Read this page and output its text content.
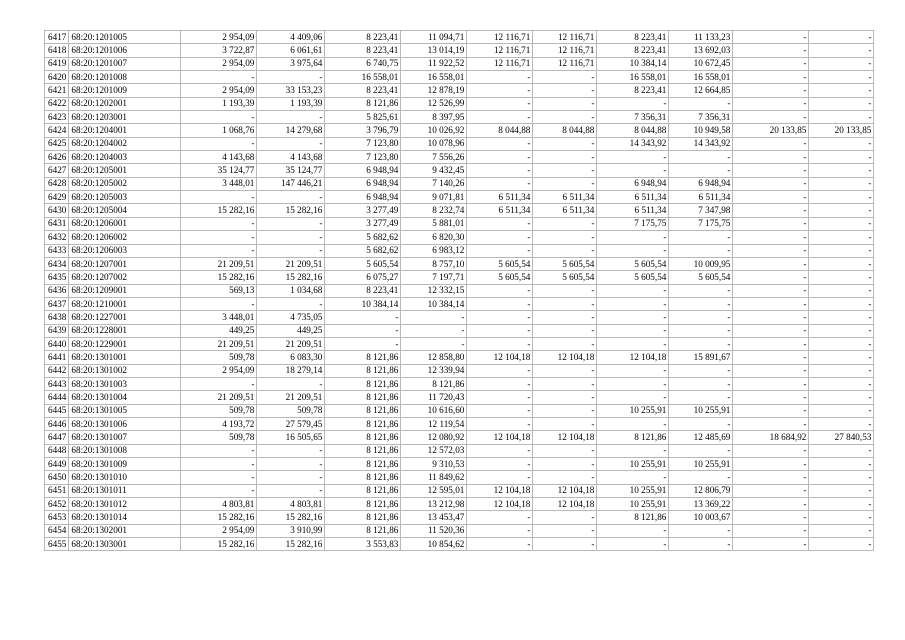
6417	68:20:1201005	2 954,09	4 409,06	8 223,41	11 094,71	12 116,71	12 116,71	8 223,41	11 133,23	-	-
6418	68:20:1201006	3 722,87	6 061,61	8 223,41	13 014,19	12 116,71	12 116,71	8 223,41	13 692,03	-	-
6419	68:20:1201007	2 954,09	3 975,64	6 740,75	11 922,52	12 116,71	12 116,71	10 384,14	10 672,45	-	-
6420	68:20:1201008	-	-	16 558,01	16 558,01	-	-	16 558,01	16 558,01	-	-
6421	68:20:1201009	2 954,09	33 153,23	8 223,41	12 878,19	-	-	8 223,41	12 664,85	-	-
6422	68:20:1202001	1 193,39	1 193,39	8 121,86	12 526,99	-	-	-	-	-	-
6423	68:20:1203001	-	-	5 825,61	8 397,95	-	-	7 356,31	7 356,31	-	-
6424	68:20:1204001	1 068,76	14 279,68	3 796,79	10 026,92	8 044,88	8 044,88	8 044,88	10 949,58	20 133,85	20 133,85
6425	68:20:1204002	-	-	7 123,80	10 078,96	-	-	14 343,92	14 343,92	-	-
6426	68:20:1204003	4 143,68	4 143,68	7 123,80	7 556,26	-	-	-	-	-	-
6427	68:20:1205001	35 124,77	35 124,77	6 948,94	9 432,45	-	-	-	-	-	-
6428	68:20:1205002	3 448,01	147 446,21	6 948,94	7 140,26	-	-	6 948,94	6 948,94	-	-
6429	68:20:1205003	-	-	6 948,94	9 071,81	6 511,34	6 511,34	6 511,34	6 511,34	-	-
6430	68:20:1205004	15 282,16	15 282,16	3 277,49	8 232,74	6 511,34	6 511,34	6 511,34	7 347,98	-	-
6431	68:20:1206001	-	-	3 277,49	5 881,01	-	-	7 175,75	7 175,75	-	-
6432	68:20:1206002	-	-	5 682,62	6 820,30	-	-	-	-	-	-
6433	68:20:1206003	-	-	5 682,62	6 983,12	-	-	-	-	-	-
6434	68:20:1207001	21 209,51	21 209,51	5 605,54	8 757,10	5 605,54	5 605,54	5 605,54	10 009,95	-	-
6435	68:20:1207002	15 282,16	15 282,16	6 075,27	7 197,71	5 605,54	5 605,54	5 605,54	5 605,54	-	-
6436	68:20:1209001	569,13	1 034,68	8 223,41	12 332,15	-	-	-	-	-	-
6437	68:20:1210001	-	-	10 384,14	10 384,14	-	-	-	-	-	-
6438	68:20:1227001	3 448,01	4 735,05	-	-	-	-	-	-	-	-
6439	68:20:1228001	449,25	449,25	-	-	-	-	-	-	-	-
6440	68:20:1229001	21 209,51	21 209,51	-	-	-	-	-	-	-	-
6441	68:20:1301001	509,78	6 083,30	8 121,86	12 858,80	12 104,18	12 104,18	12 104,18	15 891,67	-	-
6442	68:20:1301002	2 954,09	18 279,14	8 121,86	12 339,94	-	-	-	-	-	-
6443	68:20:1301003	-	-	8 121,86	8 121,86	-	-	-	-	-	-
6444	68:20:1301004	21 209,51	21 209,51	8 121,86	11 720,43	-	-	-	-	-	-
6445	68:20:1301005	509,78	509,78	8 121,86	10 616,60	-	-	10 255,91	10 255,91	-	-
6446	68:20:1301006	4 193,72	27 579,45	8 121,86	12 119,54	-	-	-	-	-	-
6447	68:20:1301007	509,78	16 505,65	8 121,86	12 080,92	12 104,18	12 104,18	8 121,86	12 485,69	18 684,92	27 840,53
6448	68:20:1301008	-	-	8 121,86	12 572,03	-	-	-	-	-	-
6449	68:20:1301009	-	-	8 121,86	9 310,53	-	-	10 255,91	10 255,91	-	-
6450	68:20:1301010	-	-	8 121,86	11 849,62	-	-	-	-	-	-
6451	68:20:1301011	-	-	8 121,86	12 595,01	12 104,18	12 104,18	10 255,91	12 806,79	-	-
6452	68:20:1301012	4 803,81	4 803,81	8 121,86	13 212,98	12 104,18	12 104,18	10 255,91	13 369,22	-	-
6453	68:20:1301014	15 282,16	15 282,16	8 121,86	13 453,47	-	-	8 121,86	10 003,67	-	-
6454	68:20:1302001	2 954,09	3 910,99	8 121,86	11 520,36	-	-	-	-	-	-
6455	68:20:1303001	15 282,16	15 282,16	3 553,83	10 854,62	-	-	-	-	-	-
